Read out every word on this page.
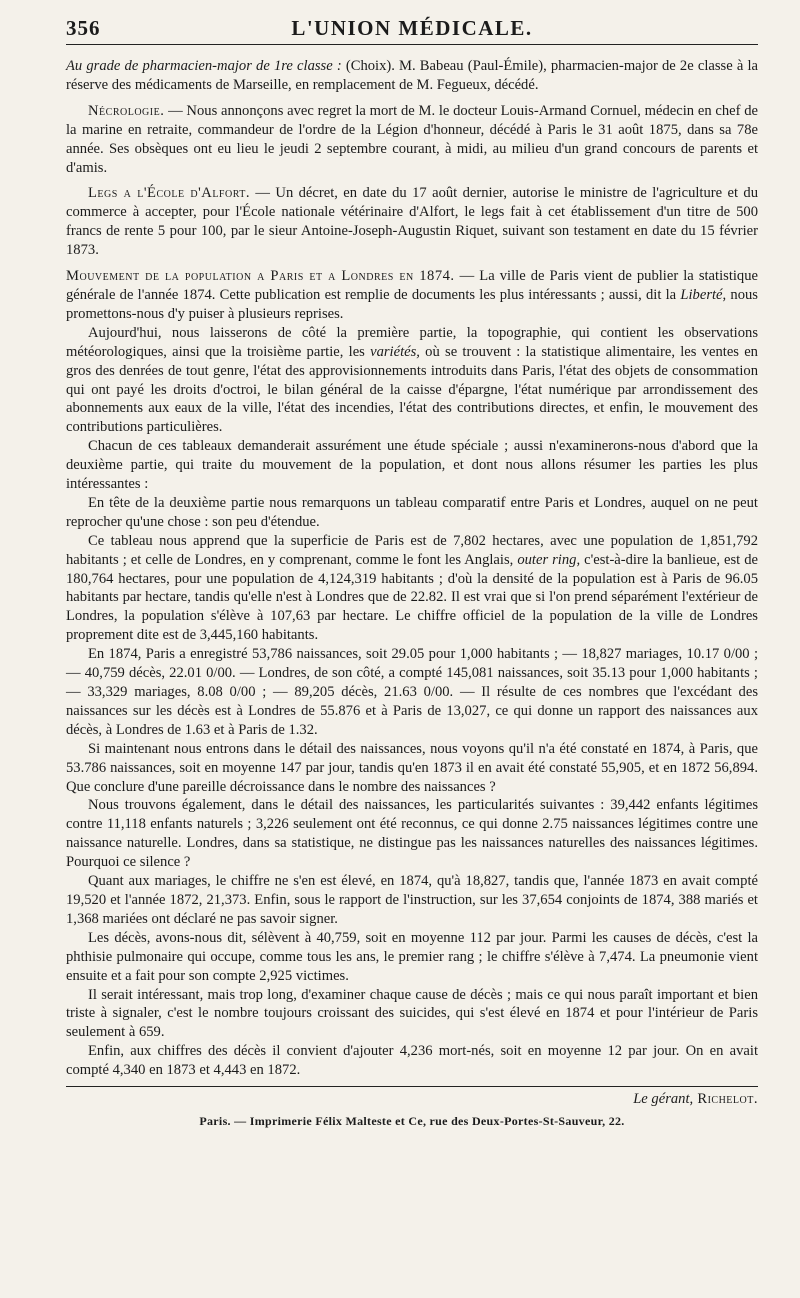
356	L'UNION MÉDICALE.

Au grade de pharmacien-major de 1re classe : (Choix). M. Babeau (Paul-Émile), pharmacien-major de 2e classe à la réserve des médicaments de Marseille, en remplacement de M. Fegueux, décédé.

Nécrologie. — Nous annonçons avec regret la mort de M. le docteur Louis-Armand Cornuel, médecin en chef de la marine en retraite, commandeur de l'ordre de la Légion d'honneur, décédé à Paris le 31 août 1875, dans sa 78e année. Ses obsèques ont eu lieu le jeudi 2 septembre courant, à midi, au milieu d'un grand concours de parents et d'amis.

Legs a l'École d'Alfort. — Un décret, en date du 17 août dernier, autorise le ministre de l'agriculture et du commerce à accepter, pour l'École nationale vétérinaire d'Alfort, le legs fait à cet établissement d'un titre de 500 francs de rente 5 pour 100, par le sieur Antoine-Joseph-Augustin Riquet, suivant son testament en date du 15 février 1873.

Mouvement de la population a Paris et a Londres en 1874. — La ville de Paris vient de publier la statistique générale de l'année 1874. Cette publication est remplie de documents les plus intéressants ; aussi, dit la Liberté, nous promettons-nous d'y puiser à plusieurs reprises.

Aujourd'hui, nous laisserons de côté la première partie, la topographie, qui contient les observations météorologiques, ainsi que la troisième partie, les variétés, où se trouvent : la statistique alimentaire, les ventes en gros des denrées de tout genre, l'état des approvisionnements introduits dans Paris, l'état des objets de consommation qui ont payé les droits d'octroi, le bilan général de la caisse d'épargne, l'état numérique par arrondissement des abonnements aux eaux de la ville, l'état des incendies, l'état des contributions directes, et enfin, le mouvement des contributions particulières.

Chacun de ces tableaux demanderait assurément une étude spéciale ; aussi n'examinerons-nous d'abord que la deuxième partie, qui traite du mouvement de la population, et dont nous allons résumer les parties les plus intéressantes :

En tête de la deuxième partie nous remarquons un tableau comparatif entre Paris et Londres, auquel on ne peut reprocher qu'une chose : son peu d'étendue.

Ce tableau nous apprend que la superficie de Paris est de 7,802 hectares, avec une population de 1,851,792 habitants ; et celle de Londres, en y comprenant, comme le font les Anglais, outer ring, c'est-à-dire la banlieue, est de 180,764 hectares, pour une population de 4,124,319 habitants ; d'où la densité de la population est à Paris de 96.05 habitants par hectare, tandis qu'elle n'est à Londres que de 22.82. Il est vrai que si l'on prend séparément l'extérieur de Londres, la population s'élève à 107,63 par hectare. Le chiffre officiel de la population de la ville de Londres proprement dite est de 3,445,160 habitants.

En 1874, Paris a enregistré 53,786 naissances, soit 29.05 pour 1,000 habitants ; — 18,827 mariages, 10.17 0/00 ; — 40,759 décès, 22.01 0/00. — Londres, de son côté, a compté 145,081 naissances, soit 35.13 pour 1,000 habitants ; — 33,329 mariages, 8.08 0/00 ; — 89,205 décès, 21.63 0/00. — Il résulte de ces nombres que l'excédant des naissances sur les décès est à Londres de 55.876 et à Paris de 13,027, ce qui donne un rapport des naissances aux décès, à Londres de 1.63 et à Paris de 1.32.

Si maintenant nous entrons dans le détail des naissances, nous voyons qu'il n'a été constaté en 1874, à Paris, que 53.786 naissances, soit en moyenne 147 par jour, tandis qu'en 1873 il en avait été constaté 55,905, et en 1872 56,894. Que conclure d'une pareille décroissance dans le nombre des naissances ?

Nous trouvons également, dans le détail des naissances, les particularités suivantes : 39,442 enfants légitimes contre 11,118 enfants naturels ; 3,226 seulement ont été reconnus, ce qui donne 2.75 naissances légitimes contre une naissance naturelle. Londres, dans sa statistique, ne distingue pas les naissances naturelles des naissances légitimes. Pourquoi ce silence ?

Quant aux mariages, le chiffre ne s'en est élevé, en 1874, qu'à 18,827, tandis que, l'année 1873 en avait compté 19,520 et l'année 1872, 21,373. Enfin, sous le rapport de l'instruction, sur les 37,654 conjoints de 1874, 388 mariés et 1,368 mariées ont déclaré ne pas savoir signer.

Les décès, avons-nous dit, sélèvent à 40,759, soit en moyenne 112 par jour. Parmi les causes de décès, c'est la phthisie pulmonaire qui occupe, comme tous les ans, le premier rang ; le chiffre s'élève à 7,474. La pneumonie vient ensuite et a fait pour son compte 2,925 victimes.

Il serait intéressant, mais trop long, d'examiner chaque cause de décès ; mais ce qui nous paraît important et bien triste à signaler, c'est le nombre toujours croissant des suicides, qui s'est élevé en 1874 et pour l'intérieur de Paris seulement à 659.

Enfin, aux chiffres des décès il convient d'ajouter 4,236 mort-nés, soit en moyenne 12 par jour. On en avait compté 4,340 en 1873 et 4,443 en 1872.

Le gérant, Richelot.
Paris. — Imprimerie Félix Malteste et Ce, rue des Deux-Portes-St-Sauveur, 22.
